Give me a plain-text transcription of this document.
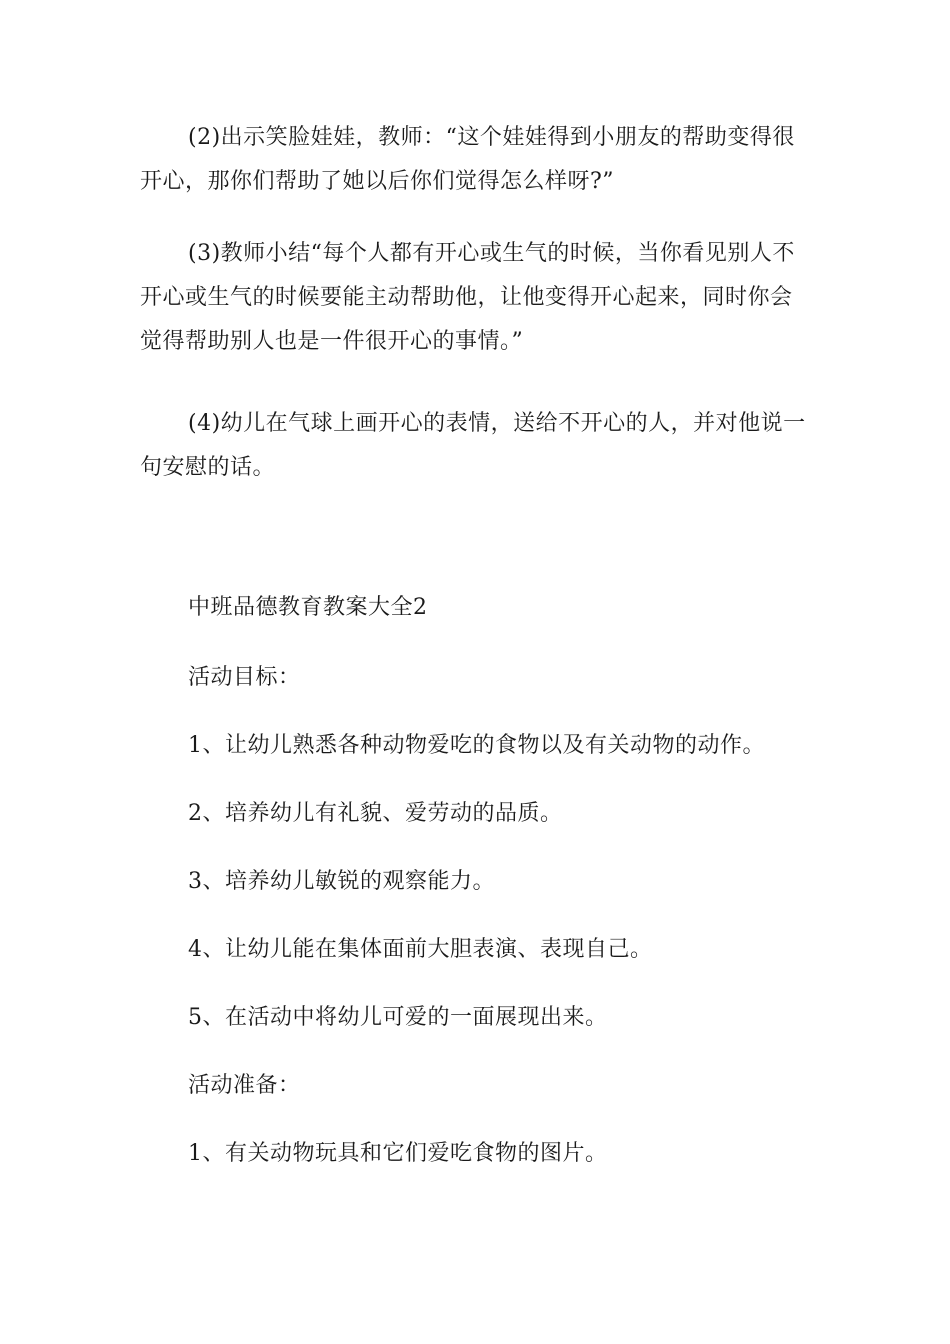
(2)出示笑脸娃娃，教师：“这个娃娃得到小朋友的帮助变得很开心，那你们帮助了她以后你们觉得怎么样呀?”

(3)教师小结“每个人都有开心或生气的时候，当你看见别人不开心或生气的时候要能主动帮助他，让他变得开心起来，同时你会觉得帮助别人也是一件很开心的事情。”

(4)幼儿在气球上画开心的表情，送给不开心的人，并对他说一句安慰的话。

中班品德教育教案大全2

活动目标：

1、让幼儿熟悉各种动物爱吃的食物以及有关动物的动作。

2、培养幼儿有礼貌、爱劳动的品质。

3、培养幼儿敏锐的观察能力。

4、让幼儿能在集体面前大胆表演、表现自己。

5、在活动中将幼儿可爱的一面展现出来。

活动准备：

1、有关动物玩具和它们爱吃食物的图片。
